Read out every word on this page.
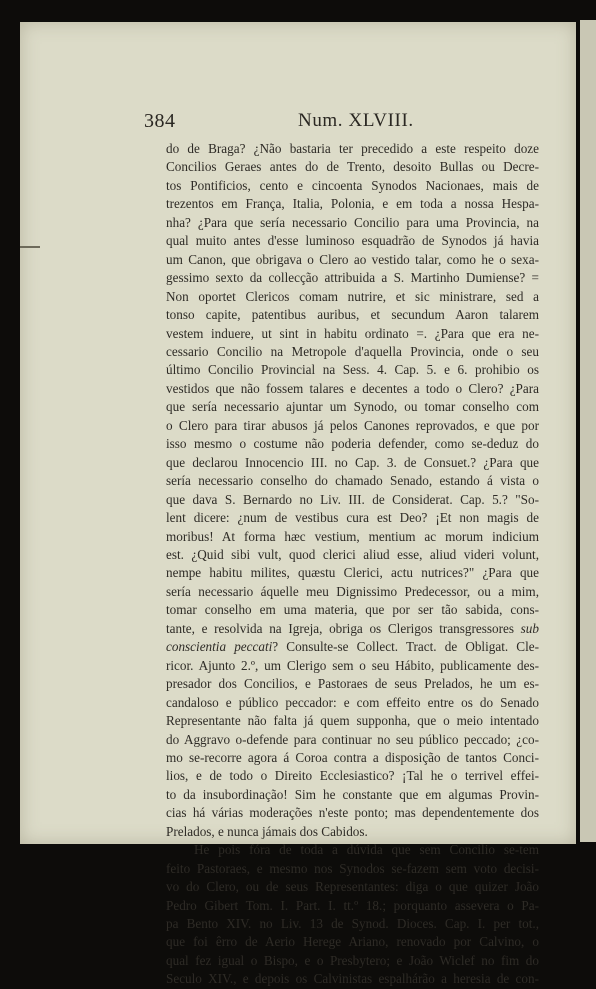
384	Num. XLVIII.
do de Braga? ¿Não bastaria ter precedido a este respeito doze
Concilios Geraes antes do de Trento, desoito Bullas ou Decre-
tos Pontificios, cento e cincoenta Synodos Nacionaes, mais de
trezentos em França, Italia, Polonia, e em toda a nossa Hespa-
nha? ¿Para que sería necessario Concilio para uma Provincia, na
qual muito antes d'esse luminoso esquadrão de Synodos já havia
um Canon, que obrigava o Clero ao vestido talar, como he o sexa-
gessimo sexto da collecção attribuida a S. Martinho Dumiense? =
Non oportet Clericos comam nutrire, et sic ministrare, sed a
tonso capite, patentibus auribus, et secundum Aaron talarem
vestem induere, ut sint in habitu ordinato =. ¿Para que era ne-
cessario Concilio na Metropole d'aquella Provincia, onde o seu
último Concilio Provincial na Sess. 4. Cap. 5. e 6. prohibio os
vestidos que não fossem talares e decentes a todo o Clero? ¿Para
que sería necessario ajuntar um Synodo, ou tomar conselho com
o Clero para tirar abusos já pelos Canones reprovados, e que por
isso mesmo o costume não poderia defender, como se-deduz do
que declarou Innocencio III. no Cap. 3. de Consuet.? ¿Para que
sería necessario conselho do chamado Senado, estando á vista o
que dava S. Bernardo no Liv. III. de Considerat. Cap. 5.? "So-
lent dicere: ¿num de vestibus cura est Deo? ¡Et non magis de
moribus! At forma hæc vestium, mentium ac morum indicium
est. ¿Quid sibi vult, quod clerici aliud esse, aliud videri volunt,
nempe habitu milites, quæstu Clerici, actu nutrices?" ¿Para que
sería necessario áquelle meu Dignissimo Predecessor, ou a mim,
tomar conselho em uma materia, que por ser tão sabida, cons-
tante, e resolvida na Igreja, obriga os Clerigos transgressores sub
conscientia peccati? Consulte-se Collect. Tract. de Obligat. Cle-
ricor. Ajunto 2.º, um Clerigo sem o seu Hábito, publicamente des-
presador dos Concilios, e Pastoraes de seus Prelados, he um es-
candaloso e público peccador: e com effeito entre os do Senado
Representante não falta já quem supponha, que o meio intentado
do Aggravo o-defende para continuar no seu público peccado; ¿co-
mo se-recorre agora á Coroa contra a disposição de tantos Conci-
lios, e de todo o Direito Ecclesiastico? ¡Tal he o terrivel effei-
to da insubordinação! Sim he constante que em algumas Provin-
cias há várias moderações n'este ponto; mas dependentemente dos
Prelados, e nunca jámais dos Cabidos.
He pois fóra de toda a dúvida que sem Concilio se-tem
feito Pastoraes, e mesmo nos Synodos se-fazem sem voto decisi-
vo do Clero, ou de seus Representantes: diga o que quizer João
Pedro Gibert Tom. I. Part. I. tt.º 18.; porquanto assevera o Pa-
pa Bento XIV. no Liv. 13 de Synod. Dioces. Cap. I. per tot.,
que foi êrro de Aerio Herege Ariano, renovado por Calvino, o
qual fez igual o Bispo, e o Presbytero; e João Wiclef no fim do
Seculo XIV., e depois os Calvinistas espalhárão a heresia de con-
